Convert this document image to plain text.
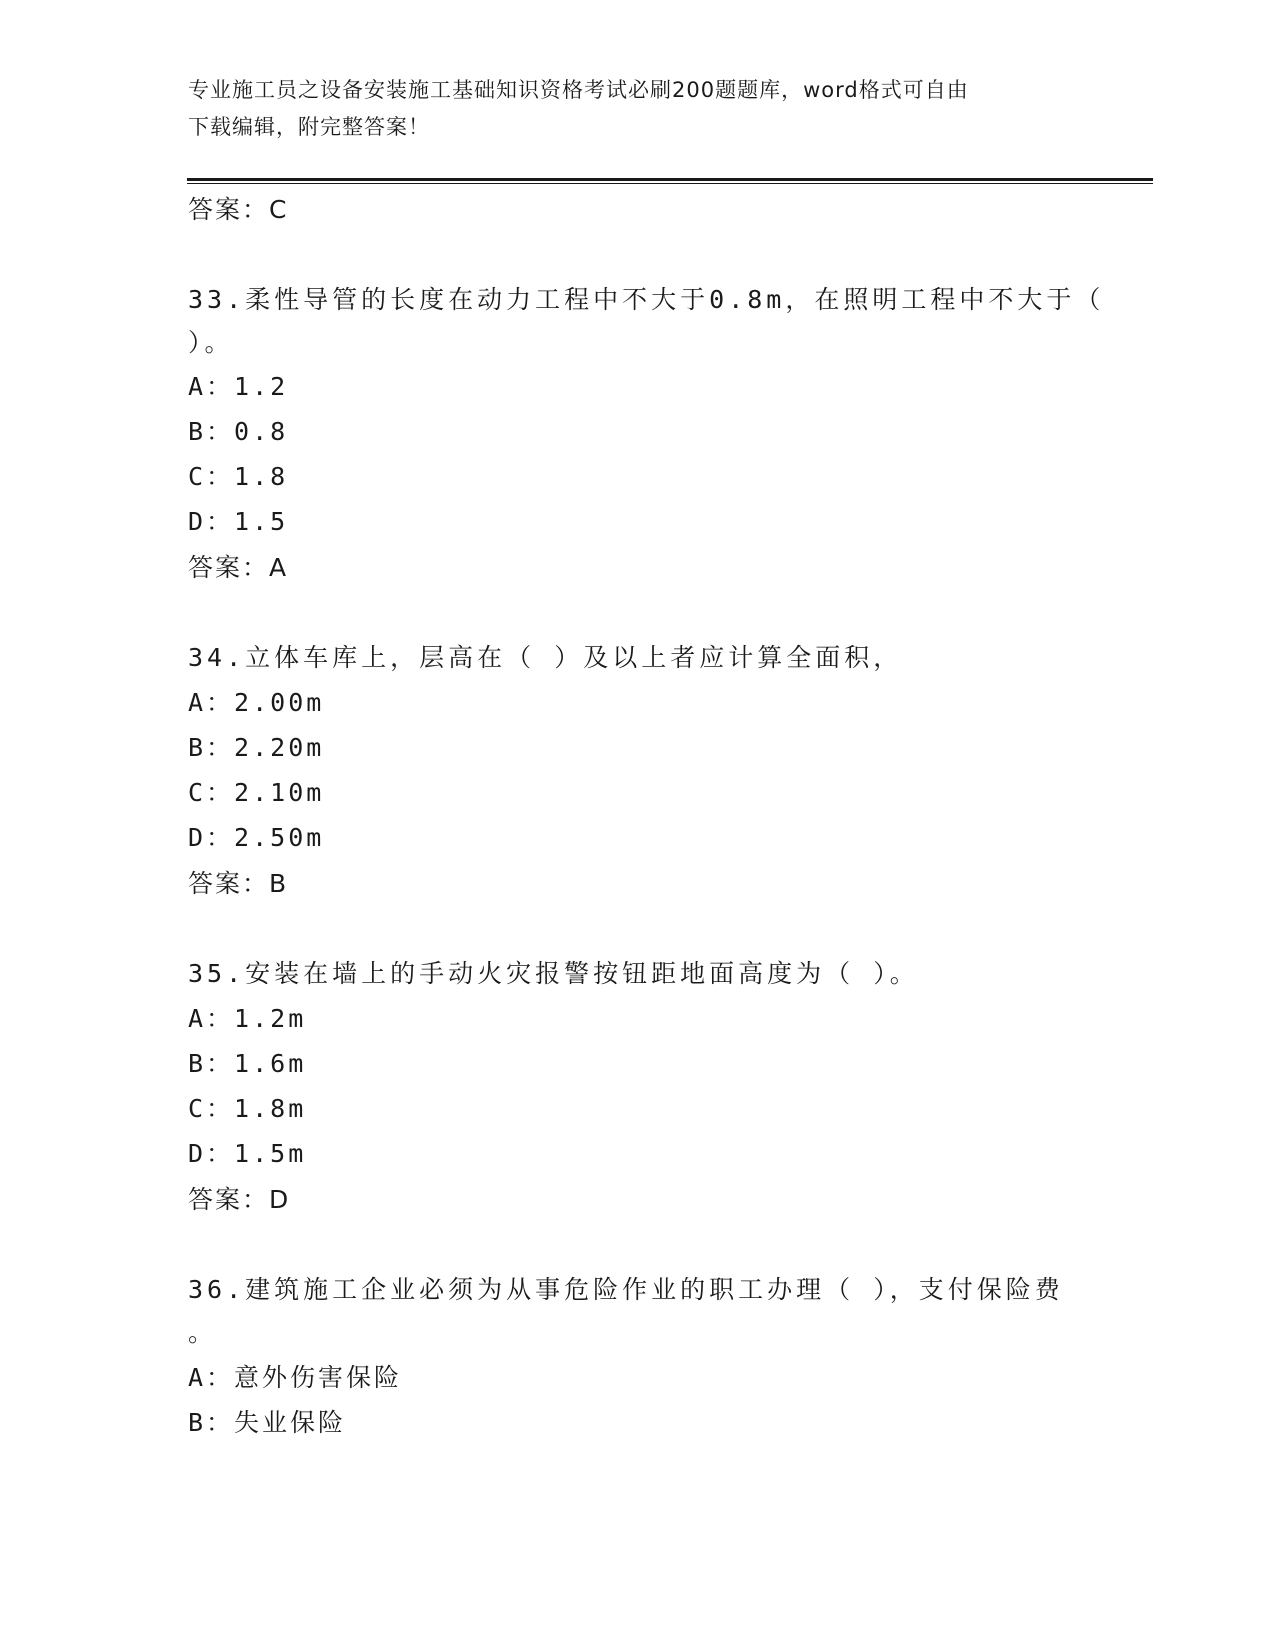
专业施工员之设备安装施工基础知识资格考试必刷200题题库，word格式可自由
下载编辑，附完整答案！
答案：C
33.柔性导管的长度在动力工程中不大于0.8m，在照明工程中不大于（
）。
A：1.2
B：0.8
C：1.8
D：1.5
答案：A
34.立体车库上，层高在（ ）及以上者应计算全面积，
A：2.00m
B：2.20m
C：2.10m
D：2.50m
答案：B
35.安装在墙上的手动火灾报警按钮距地面高度为（ ）。
A：1.2m
B：1.6m
C：1.8m
D：1.5m
答案：D
36.建筑施工企业必须为从事危险作业的职工办理（ ），支付保险费
。
A：意外伤害保险
B：失业保险
